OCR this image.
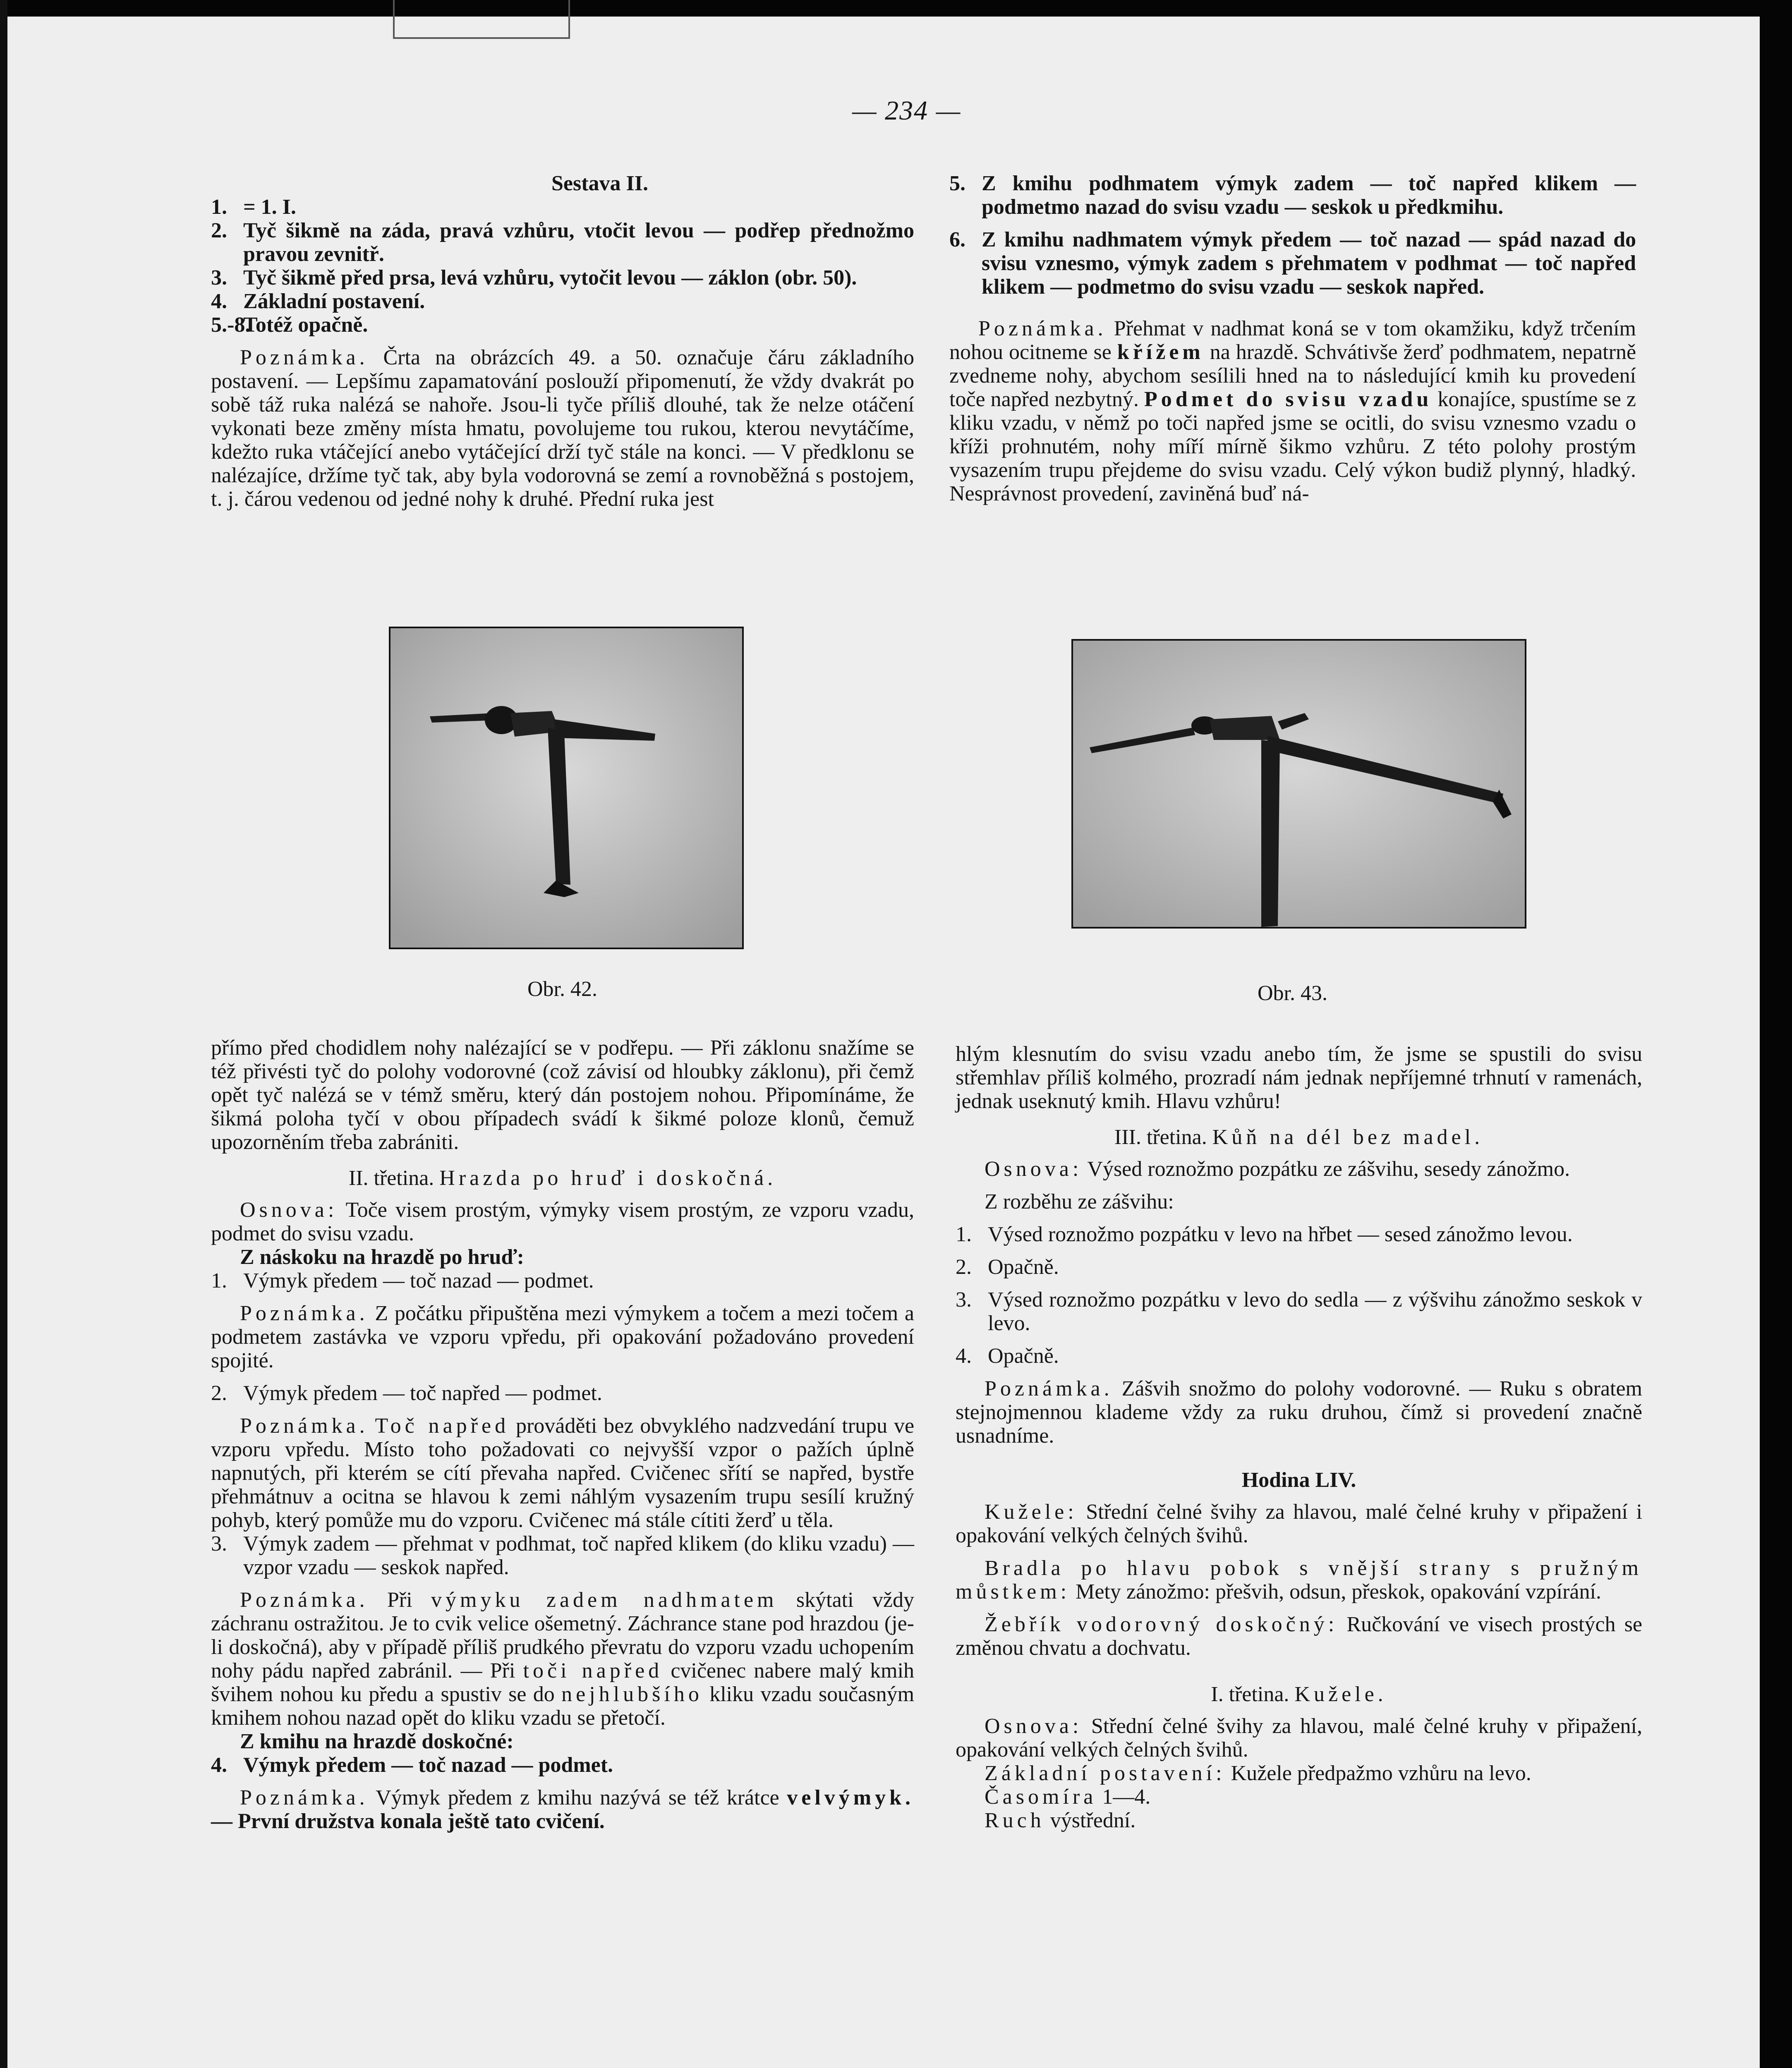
— 234 —

Sestava II.

1. = 1. I.

2. Tyč šikmě na záda, pravá vzhůru, vtočit levou — podřep přednožmo pravou zevnitř.

3. Tyč šikmě před prsa, levá vzhůru, vytočit levou — záklon (obr. 50).

4. Základní postavení.

5.-8.
Totéž opačně.

Poznámka. Črta na obrázcích 49. a 50. označuje čáru základního postavení. — Lepšímu zapamatování poslouží připomenutí, že vždy dvakrát po sobě táž ruka nalézá se nahoře. Jsou-li tyče příliš dlouhé, tak že nelze otáčení vykonati beze změny místa hmatu, povolujeme tou rukou, kterou nevytáčíme, kdežto ruka vtáčející anebo vytáčející drží tyč stále na konci. — V předklonu se nalézajíce, držíme tyč tak, aby byla vodorovná se zemí a rovnoběžná s postojem, t. j. čárou vedenou od jedné nohy k druhé. Přední ruka jest

5. Z kmihu podhmatem výmyk zadem — toč napřed klikem — podmetmo nazad do svisu vzadu — seskok u předkmihu.

6. Z kmihu nadhmatem výmyk předem — toč nazad — spád nazad do svisu vznesmo, výmyk zadem s přehmatem v podhmat — toč napřed klikem — podmetmo do svisu vzadu — seskok napřed.

Poznámka. Přehmat v nadhmat koná se v tom okamžiku, když trčením nohou ocitneme se křížem na hrazdě. Schvátivše žerď podhmatem, nepatrně zvedneme nohy, abychom sesílili hned na to následující kmih ku provedení toče napřed nezbytný. Podmet do svisu vzadu konajíce, spustíme se z kliku vzadu, v němž po toči napřed jsme se ocitli, do svisu vznesmo vzadu o kříži prohnutém, nohy míří mírně šikmo vzhůru. Z této polohy prostým vysazením trupu přejdeme do svisu vzadu. Celý výkon budiž plynný, hladký. Nesprávnost provedení, zaviněná buď ná-

Obr. 42.	Obr. 43.

přímo před chodidlem nohy nalézající se v podřepu. — Při záklonu snažíme se též přivésti tyč do polohy vodorovné (což závisí od hloubky záklonu), při čemž opět tyč nalézá se v témž směru, který dán postojem nohou. Připomínáme, že šikmá poloha tyčí v obou případech svádí k šikmé poloze klonů, čemuž upozorněním třeba zabrániti.

II. třetina. Hrazda po hruď i doskočná.

Osnova: Toče visem prostým, výmyky visem prostým, ze vzporu vzadu, podmet do svisu vzadu.

Z náskoku na hrazdě po hruď:

1. Výmyk předem — toč nazad — podmet.

Poznámka. Z počátku připuštěna mezi výmykem a točem a mezi točem a podmetem zastávka ve vzporu vpředu, při opakování požadováno provedení spojité.

2. Výmyk předem — toč napřed — podmet.

Poznámka. Toč napřed prováděti bez obvyklého nadzvedání trupu ve vzporu vpředu. Místo toho požadovati co nejvyšší vzpor o pažích úplně napnutých, při kterém se cítí převaha napřed. Cvičenec sřítí se napřed, bystře přehmátnuv a ocitna se hlavou k zemi náhlým vysazením trupu sesílí kružný pohyb, který pomůže mu do vzporu. Cvičenec má stále cítiti žerď u těla.

3. Výmyk zadem — přehmat v podhmat, toč napřed klikem (do kliku vzadu) — vzpor vzadu — seskok napřed.

Poznámka. Při výmyku zadem nadhmatem skýtati vždy záchranu ostražitou. Je to cvik velice ošemetný. Záchrance stane pod hrazdou (je-li doskočná), aby v případě příliš prudkého převratu do vzporu vzadu uchopením nohy pádu napřed zabránil. — Při toči napřed cvičenec nabere malý kmih švihem nohou ku předu a spustiv se do nejhlubšího kliku vzadu současným kmihem nohou nazad opět do kliku vzadu se přetočí.

Z kmihu na hrazdě doskočné:

4. Výmyk předem — toč nazad — podmet.

Poznámka. Výmyk předem z kmihu nazývá se též krátce velvýmyk. — První družstva konala ještě tato cvičení.

hlým klesnutím do svisu vzadu anebo tím, že jsme se spustili do svisu střemhlav příliš kolmého, prozradí nám jednak nepříjemné trhnutí v ramenách, jednak useknutý kmih. Hlavu vzhůru!

III. třetina. Kůň na dél bez madel.

Osnova: Výsed roznožmo pozpátku ze zášvihu, sesedy zánožmo.

Z rozběhu ze zášvihu:

1. Výsed roznožmo pozpátku v levo na hřbet — sesed zánožmo levou.

2. Opačně.

3. Výsed roznožmo pozpátku v levo do sedla — z výšvihu zánožmo seskok v levo.

4. Opačně.

Poznámka. Zášvih snožmo do polohy vodorovné. — Ruku s obratem stejnojmennou klademe vždy za ruku druhou, čímž si provedení značně usnadníme.

Hodina LIV.

Kužele: Střední čelné švihy za hlavou, malé čelné kruhy v připažení i opakování velkých čelných švihů.

Bradla po hlavu pobok s vnější strany s pružným můstkem: Mety zánožmo: přešvih, odsun, přeskok, opakování vzpírání.

Žebřík vodorovný doskočný: Ručkování ve visech prostých se změnou chvatu a dochvatu.

I. třetina. Kužele.

Osnova: Střední čelné švihy za hlavou, malé čelné kruhy v připažení, opakování velkých čelných švihů.

Základní postavení: Kužele předpažmo vzhůru na levo.

Časomíra 1—4.

Ruch výstřední.
